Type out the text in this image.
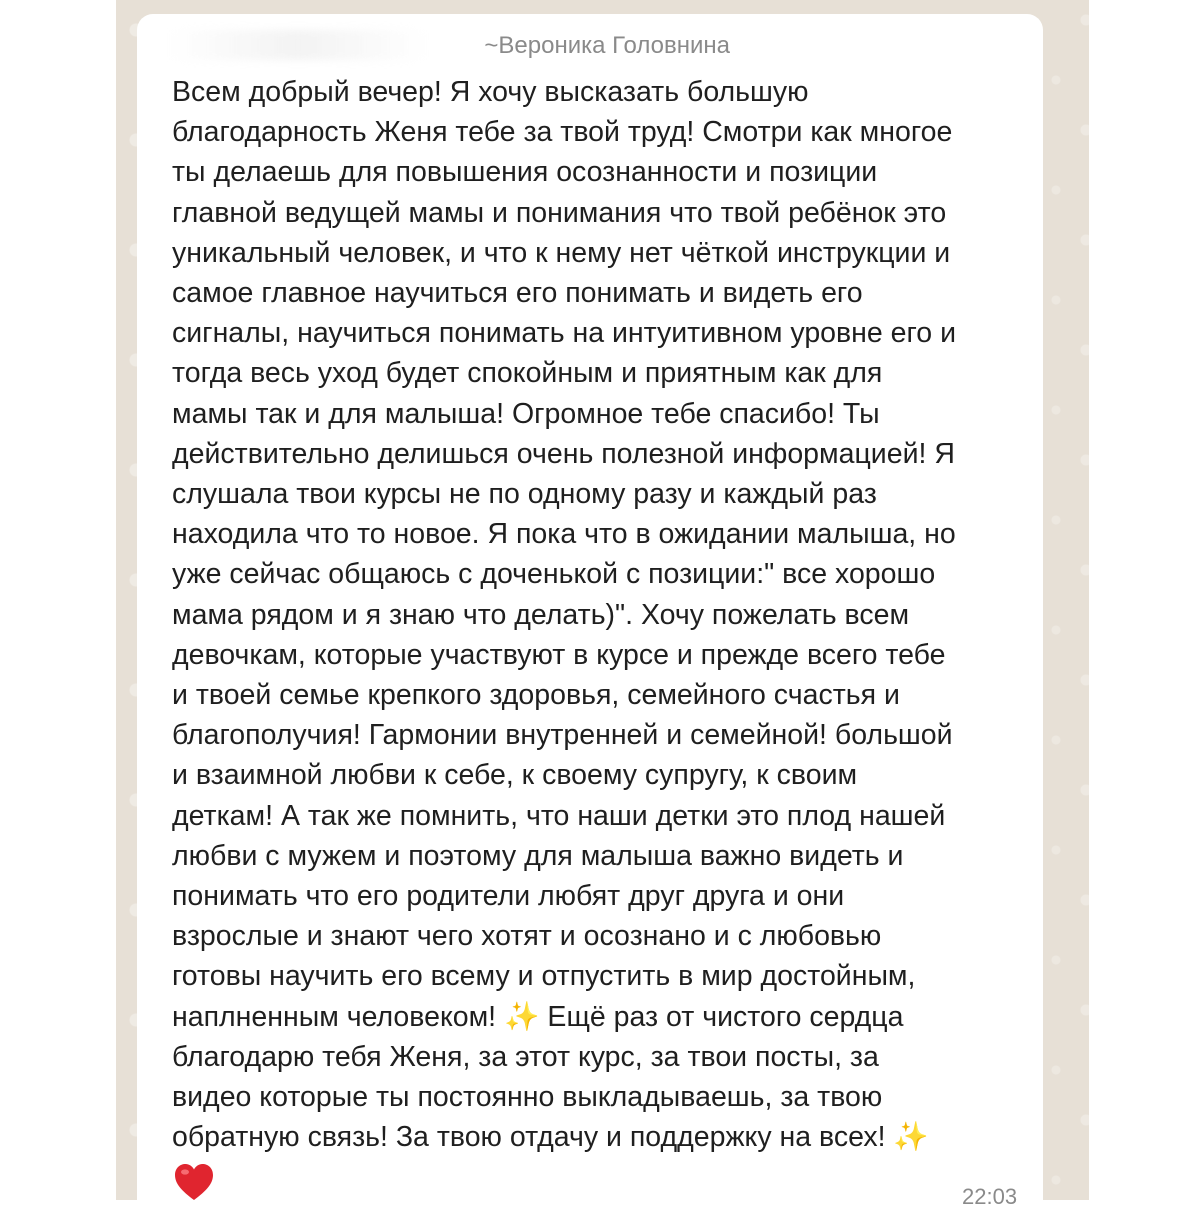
~Вероника Головнина

Всем добрый вечер! Я хочу высказать большую
благодарность Женя тебе за твой труд! Смотри как многое
ты делаешь для повышения осознанности и позиции
главной ведущей мамы и понимания что твой ребёнок это
уникальный человек, и что к нему нет чёткой инструкции и
самое главное научиться его понимать и видеть его
сигналы, научиться понимать на интуитивном уровне его и
тогда весь уход будет спокойным и приятным как для
мамы так и для малыша! Огромное тебе спасибо! Ты
действительно делишься очень полезной информацией! Я
слушала твои курсы не по одному разу и каждый раз
находила что то новое. Я пока что в ожидании малыша, но
уже сейчас общаюсь с доченькой с позиции:" все хорошо
мама рядом и я знаю что делать)". Хочу пожелать всем
девочкам, которые участвуют в курсе и прежде всего тебе
и твоей семье крепкого здоровья, семейного счастья и
благополучия! Гармонии внутренней и семейной! большой
и взаимной любви к себе, к своему супругу, к своим
деткам! А так же помнить, что наши детки это плод нашей
любви с мужем и поэтому для малыша важно видеть и
понимать что его родители любят друг друга и они
взрослые и знают чего хотят и осознано и с любовью
готовы научить его всему и отпустить в мир достойным,
наплненным человеком! ✨ Ещё раз от чистого сердца
благодарю тебя Женя, за этот курс, за твои посты, за
видео которые ты постоянно выкладываешь, за твою
обратную связь! За твою отдачу и поддержку на всех! ✨

22:03
